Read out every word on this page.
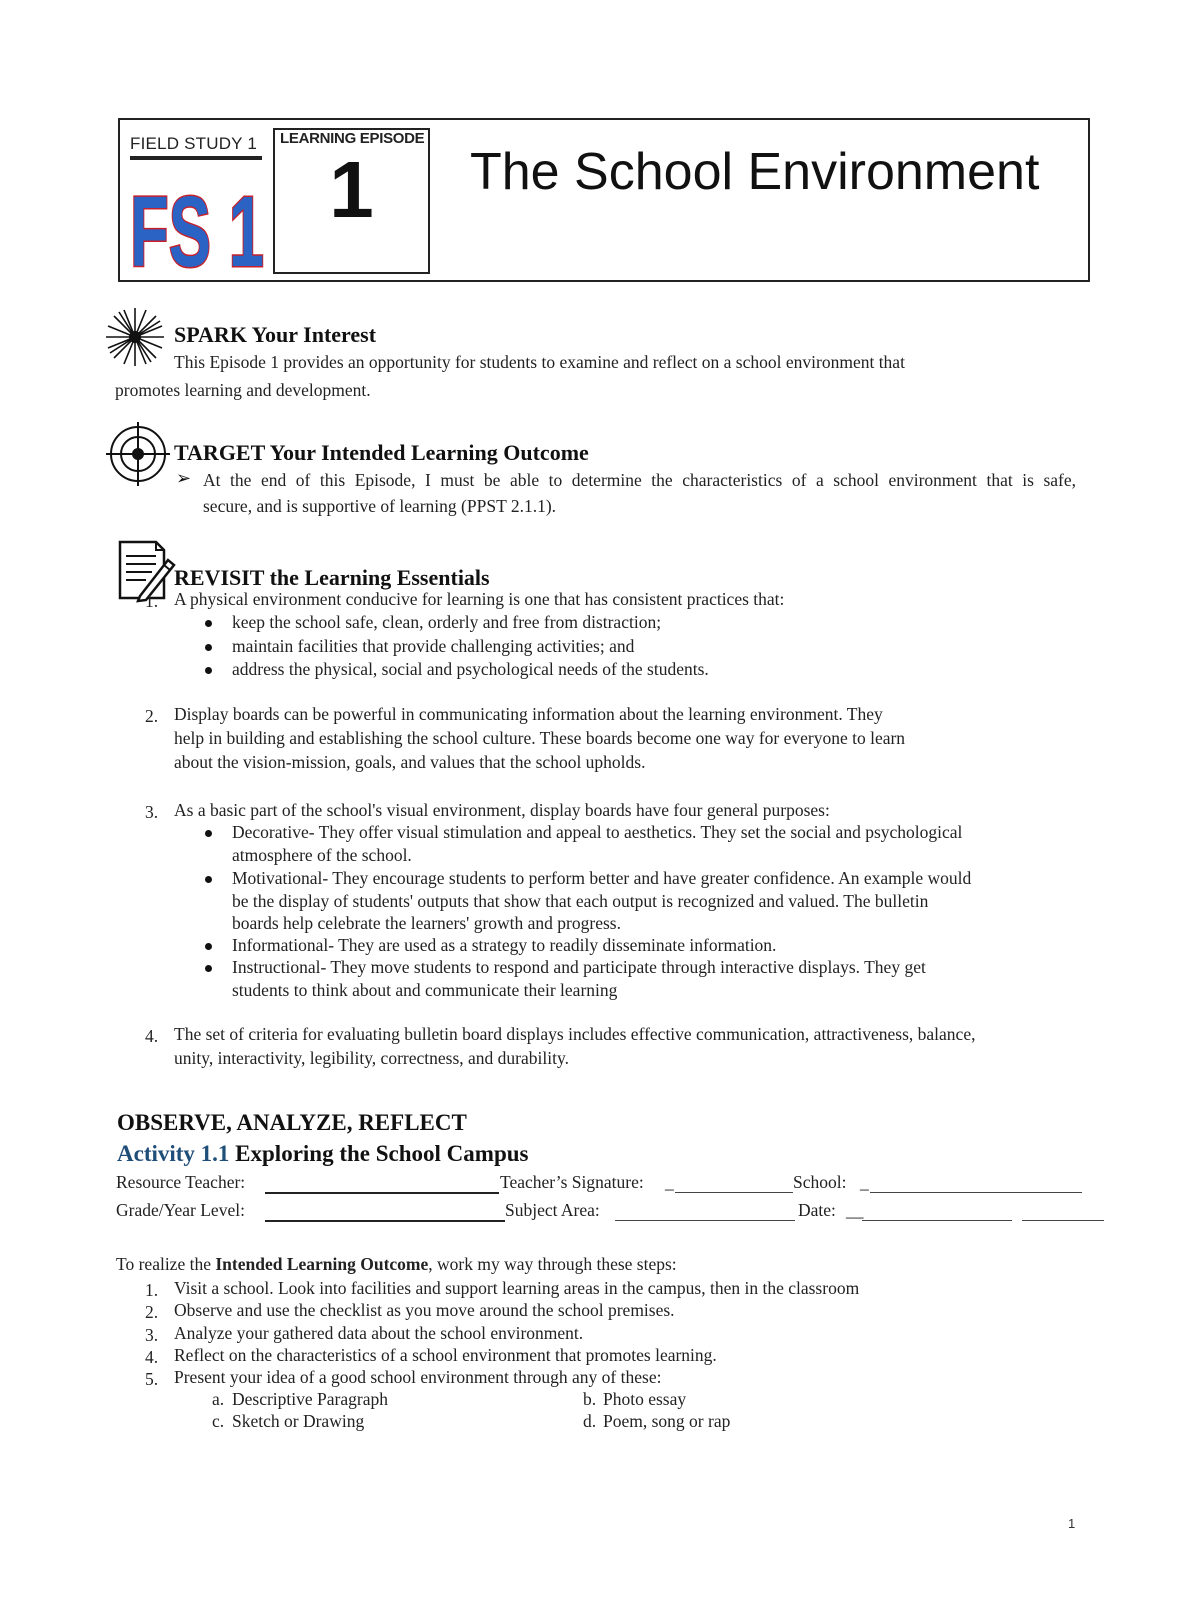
FIELD STUDY 1
FS 1
LEARNING EPISODE
1	The School Environment
SPARK Your Interest
This Episode 1 provides an opportunity for students to examine and reflect on a school environment that
promotes learning and development.
TARGET Your Intended Learning Outcome
➢ At the end of this Episode, I must be able to determine the characteristics of a school environment that is safe,
secure, and is supportive of learning (PPST 2.1.1).
REVISIT the Learning Essentials
1. A physical environment conducive for learning is one that has consistent practices that:
keep the school safe, clean, orderly and free from distraction;
maintain facilities that provide challenging activities; and
address the physical, social and psychological needs of the students.
2. Display boards can be powerful in communicating information about the learning environment. They
help in building and establishing the school culture. These boards become one way for everyone to learn
about the vision-mission, goals, and values that the school upholds.
3. As a basic part of the school's visual environment, display boards have four general purposes:
Decorative- They offer visual stimulation and appeal to aesthetics. They set the social and psychological
atmosphere of the school.
Motivational- They encourage students to perform better and have greater confidence. An example would
be the display of students' outputs that show that each output is recognized and valued. The bulletin
boards help celebrate the learners' growth and progress.
Informational- They are used as a strategy to readily disseminate information.
Instructional- They move students to respond and participate through interactive displays. They get
students to think about and communicate their learning
4. The set of criteria for evaluating bulletin board displays includes effective communication, attractiveness, balance,
unity, interactivity, legibility, correctness, and durability.
OBSERVE, ANALYZE, REFLECT
Activity 1.1 Exploring the School Campus
Resource Teacher:	Teacher’s Signature: _	School: _
Grade/Year Level:	Subject Area:	Date: __
To realize the Intended Learning Outcome, work my way through these steps:
1. Visit a school. Look into facilities and support learning areas in the campus, then in the classroom
2. Observe and use the checklist as you move around the school premises.
3. Analyze your gathered data about the school environment.
4. Reflect on the characteristics of a school environment that promotes learning.
5. Present your idea of a good school environment through any of these:
a. Descriptive Paragraph	b. Photo essay
c. Sketch or Drawing	d. Poem, song or rap
1
